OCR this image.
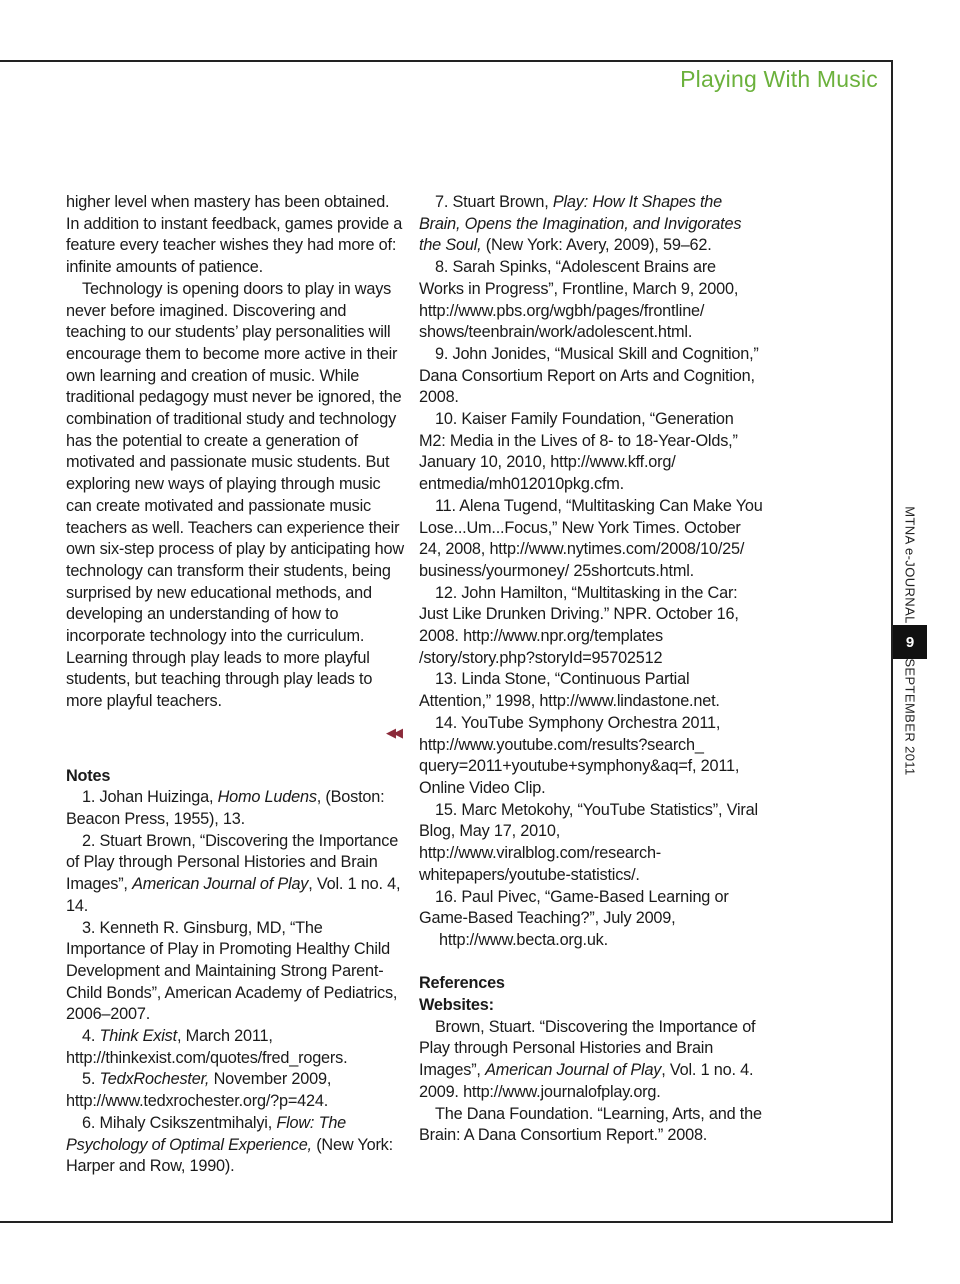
Playing With Music
MTNA e-JOURNAL
9
SEPTEMBER 2011

higher level when mastery has been obtained. In addition to instant feedback, games provide a feature every teacher wishes they had more of: infinite amounts of patience.

Technology is opening doors to play in ways never before imagined. Discovering and teaching to our students’ play personalities will encourage them to become more active in their own learning and creation of music. While traditional pedagogy must never be ignored, the combination of traditional study and technology has the potential to create a generation of motivated and passionate music students. But exploring new ways of playing through music can create motivated and passionate music teachers as well. Teachers can experience their own six-step process of play by anticipating how technology can transform their students, being surprised by new educational methods, and developing an understanding of how to incorporate technology into the curriculum. Learning through play leads to more playful students, but teaching through play leads to more playful teachers.

◀◀

Notes

1. Johan Huizinga, Homo Ludens, (Boston: Beacon Press, 1955), 13.

2. Stuart Brown, “Discovering the Importance of Play through Personal Histories and Brain Images”, American Journal of Play, Vol. 1 no. 4, 14.

3. Kenneth R. Ginsburg, MD, “The Importance of Play in Promoting Healthy Child Development and Maintaining Strong Parent-Child Bonds”, American Academy of Pediatrics, 2006–2007.

4. Think Exist, March 2011, http://thinkexist.com/quotes/fred_rogers.

5. TedxRochester, November 2009, http://www.tedxrochester.org/?p=424.

6. Mihaly Csikszentmihalyi, Flow: The Psychology of Optimal Experience, (New York: Harper and Row, 1990).

7. Stuart Brown, Play: How It Shapes the Brain, Opens the Imagination, and Invigorates the Soul, (New York: Avery, 2009), 59–62.

8. Sarah Spinks, “Adolescent Brains are Works in Progress”, Frontline, March 9, 2000, http://www.pbs.org/wgbh/pages/frontline/ shows/teenbrain/work/adolescent.html.

9. John Jonides, “Musical Skill and Cognition,” Dana Consortium Report on Arts and Cognition, 2008.

10. Kaiser Family Foundation, “Generation M2: Media in the Lives of 8- to 18-Year-Olds,” January 10, 2010, http://www.kff.org/ entmedia/mh012010pkg.cfm.

11. Alena Tugend, “Multitasking Can Make You Lose...Um...Focus,” New York Times. October 24, 2008, http://www.nytimes.com/2008/10/25/ business/yourmoney/ 25shortcuts.html.

12. John Hamilton, “Multitasking in the Car: Just Like Drunken Driving.” NPR. October 16, 2008. http://www.npr.org/templates /story/story.php?storyId=95702512

13. Linda Stone, “Continuous Partial Attention,” 1998, http://www.lindastone.net.

14. YouTube Symphony Orchestra 2011, http://www.youtube.com/results?search_ query=2011+youtube+symphony&aq=f, 2011, Online Video Clip.

15. Marc Metokohy, “YouTube Statistics”, Viral Blog, May 17, 2010, http://www.viralblog.com/research-whitepapers/youtube-statistics/.

16. Paul Pivec, “Game-Based Learning or Game-Based Teaching?”, July 2009,
http://www.becta.org.uk.

References

Websites:

Brown, Stuart. “Discovering the Importance of Play through Personal Histories and Brain Images”, American Journal of Play, Vol. 1 no. 4. 2009. http://www.journalofplay.org.

The Dana Foundation. “Learning, Arts, and the Brain: A Dana Consortium Report.” 2008.
